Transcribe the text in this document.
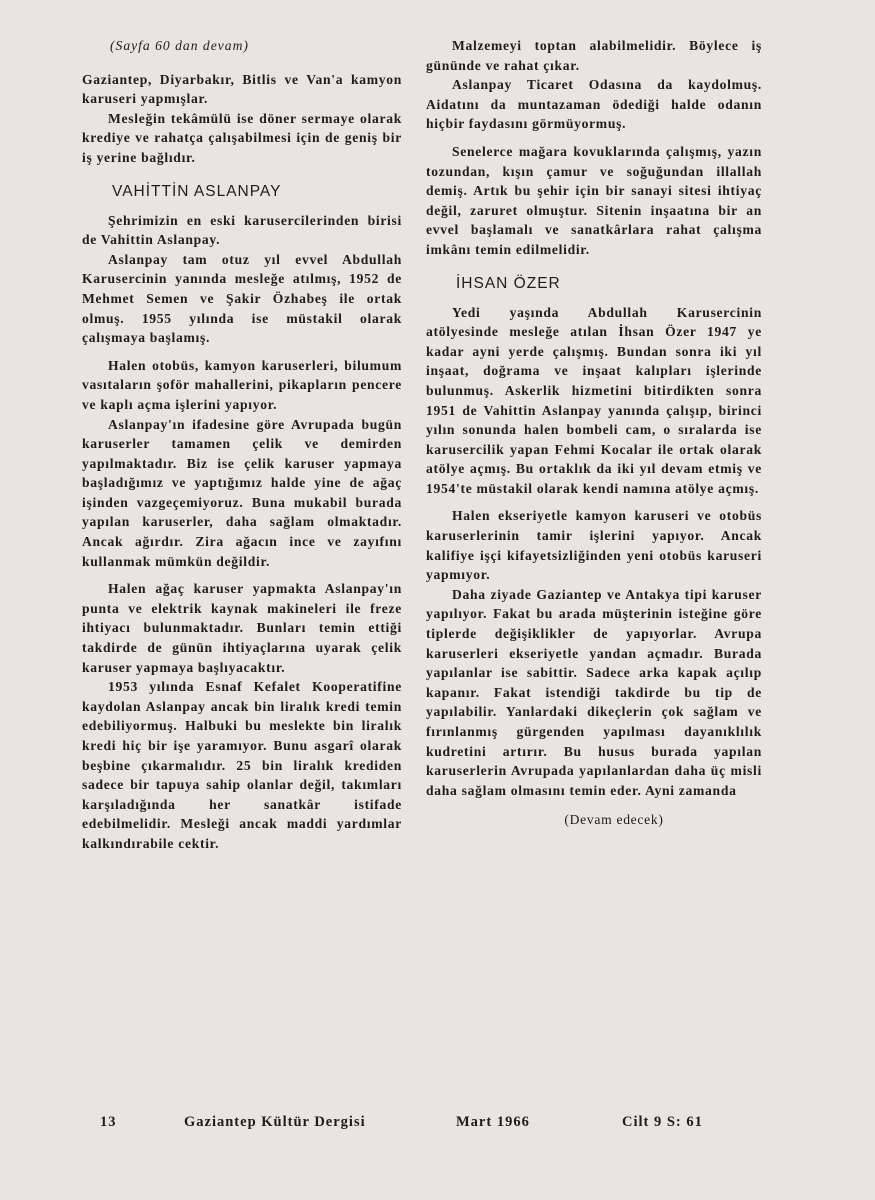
(Sayfa 60 dan devam)

Gaziantep, Diyarbakır, Bitlis ve Van'a kamyon karuseri yapmışlar.

Mesleğin tekâmülü ise döner sermaye olarak krediye ve rahatça çalışabilmesi için de geniş bir iş yerine bağlıdır.

VAHİTTİN ASLANPAY

Şehrimizin en eski karusercilerinden birisi de Vahittin Aslanpay.

Aslanpay tam otuz yıl evvel Abdullah Karusercinin yanında mesleğe atılmış, 1952 de Mehmet Semen ve Şakir Özhabeş ile ortak olmuş. 1955 yılında ise müstakil olarak çalışmaya başlamış.

Halen otobüs, kamyon karuserleri, bilumum vasıtaların şoför mahallerini, pikapların pencere ve kaplı açma işlerini yapıyor.

Aslanpay'ın ifadesine göre Avrupada bugün karuserler tamamen çelik ve demirden yapılmaktadır. Biz ise çelik karuser yapmaya başladığımız ve yaptığımız halde yine de ağaç işinden vazgeçemiyoruz. Buna mukabil burada yapılan karuserler, daha sağlam olmaktadır. Ancak ağırdır. Zira ağacın ince ve zayıfını kullanmak mümkün değildir.

Halen ağaç karuser yapmakta Aslanpay'ın punta ve elektrik kaynak makineleri ile freze ihtiyacı bulunmaktadır. Bunları temin ettiği takdirde de günün ihtiyaçlarına uyarak çelik karuser yapmaya başlıyacaktır.

1953 yılında Esnaf Kefalet Kooperatifine kaydolan Aslanpay ancak bin liralık kredi temin edebiliyormuş. Halbuki bu meslekte bin liralık kredi hiç bir işe yaramıyor. Bunu asgarî olarak beşbine çıkarmalıdır. 25 bin liralık krediden sadece bir tapuya sahip olanlar değil, takımları karşıladığında her sanatkâr istifade edebilmelidir. Mesleği ancak maddi yardımlar kalkındırabile cektir.

Malzemeyi toptan alabilmelidir. Böylece iş gününde ve rahat çıkar.

Aslanpay Ticaret Odasına da kaydolmuş. Aidatını da muntazaman ödediği halde odanın hiçbir faydasını görmüyormuş.

Senelerce mağara kovuklarında çalışmış, yazın tozundan, kışın çamur ve soğuğundan illallah demiş. Artık bu şehir için bir sanayi sitesi ihtiyaç değil, zaruret olmuştur. Sitenin inşaatına bir an evvel başlamalı ve sanatkârlara rahat çalışma imkânı temin edilmelidir.

İHSAN ÖZER

Yedi yaşında Abdullah Karusercinin atölyesinde mesleğe atılan İhsan Özer 1947 ye kadar ayni yerde çalışmış. Bundan sonra iki yıl inşaat, doğrama ve inşaat kalıpları işlerinde bulunmuş. Askerlik hizmetini bitirdikten sonra 1951 de Vahittin Aslanpay yanında çalışıp, birinci yılın sonunda halen bombeli cam, o sıralarda ise karusercilik yapan Fehmi Kocalar ile ortak olarak atölye açmış. Bu ortaklık da iki yıl devam etmiş ve 1954'te müstakil olarak kendi namına atölye açmış.

Halen ekseriyetle kamyon karuseri ve otobüs karuserlerinin tamir işlerini yapıyor. Ancak kalifiye işçi kifayetsizliğinden yeni otobüs karuseri yapmıyor.

Daha ziyade Gaziantep ve Antakya tipi karuser yapılıyor. Fakat bu arada müşterinin isteğine göre tiplerde değişiklikler de yapıyorlar. Avrupa karuserleri ekseriyetle yandan açmadır. Burada yapılanlar ise sabittir. Sadece arka kapak açılıp kapanır. Fakat istendiği takdirde bu tip de yapılabilir. Yanlardaki dikeçlerin çok sağlam ve fırınlanmış gürgenden yapılması dayanıklılık kudretini artırır. Bu husus burada yapılan karuserlerin Avrupada yapılanlardan daha üç misli daha sağlam olmasını temin eder. Ayni zamanda

(Devam edecek)

13	Gaziantep Kültür Dergisi	Mart 1966	Cilt 9 S: 61
